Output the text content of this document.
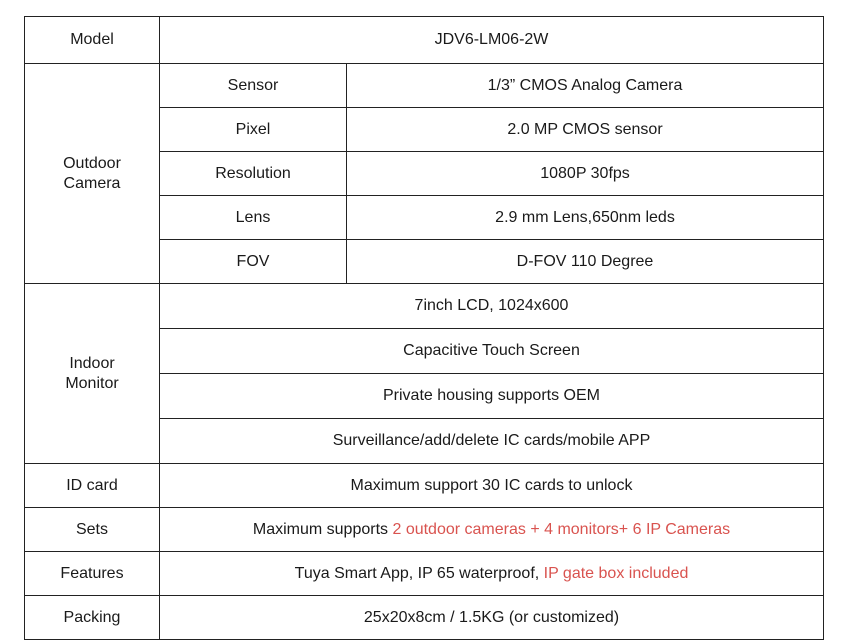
Model	JDV6-LM06-2W	
Outdoor
Camera	Sensor	1/3” CMOS Analog Camera
	Pixel	2.0 MP CMOS sensor
	Resolution	1080P 30fps
	Lens	2.9 mm Lens,650nm leds
	FOV	D-FOV 110 Degree
Indoor
Monitor	7inch LCD, 1024x600	
	Capacitive Touch Screen	
	Private housing supports OEM	
	Surveillance/add/delete IC cards/mobile APP	
ID card	Maximum support 30 IC cards to unlock	
Sets	Maximum supports 2 outdoor cameras + 4 monitors+ 6 IP Cameras	
Features	Tuya Smart App, IP 65 waterproof, IP gate box included	
Packing	25x20x8cm / 1.5KG (or customized)	
